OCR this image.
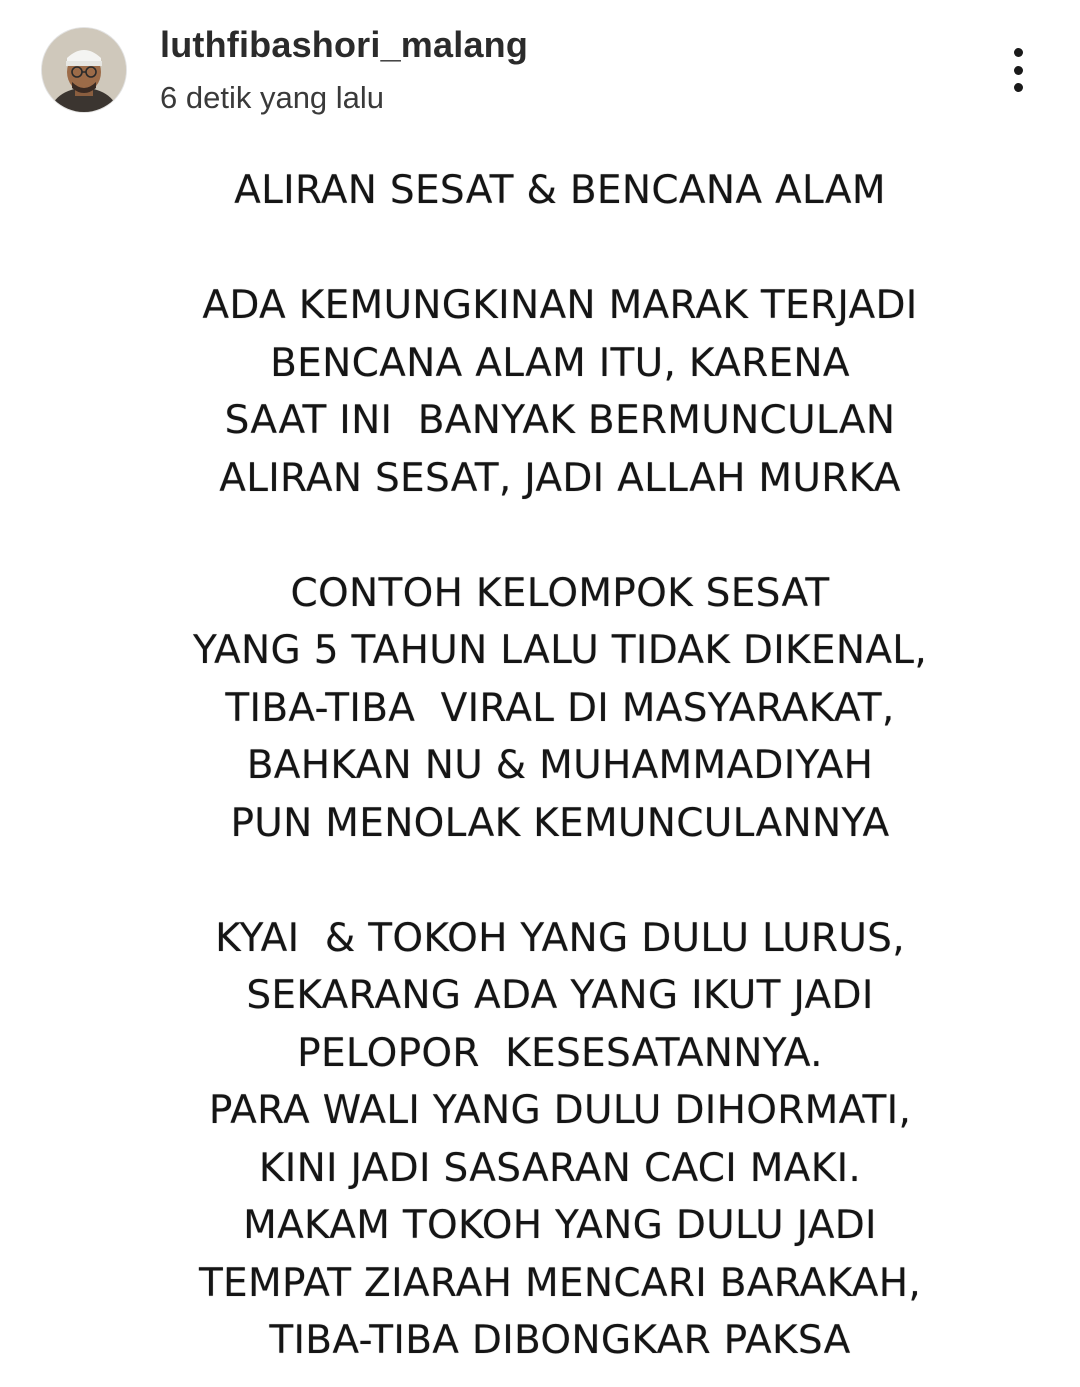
luthfibashori_malang
6 detik yang lalu
ALIRAN SESAT & BENCANA ALAM
ADA KEMUNGKINAN MARAK TERJADI
BENCANA ALAM ITU, KARENA
SAAT INI  BANYAK BERMUNCULAN
ALIRAN SESAT, JADI ALLAH MURKA
CONTOH KELOMPOK SESAT
YANG 5 TAHUN LALU TIDAK DIKENAL,
TIBA-TIBA  VIRAL DI MASYARAKAT,
BAHKAN NU & MUHAMMADIYAH
PUN MENOLAK KEMUNCULANNYA
KYAI  & TOKOH YANG DULU LURUS,
SEKARANG ADA YANG IKUT JADI
PELOPOR  KESESATANNYA.
PARA WALI YANG DULU DIHORMATI,
KINI JADI SASARAN CACI MAKI.
MAKAM TOKOH YANG DULU JADI
TEMPAT ZIARAH MENCARI BARAKAH,
TIBA-TIBA DIBONGKAR PAKSA
